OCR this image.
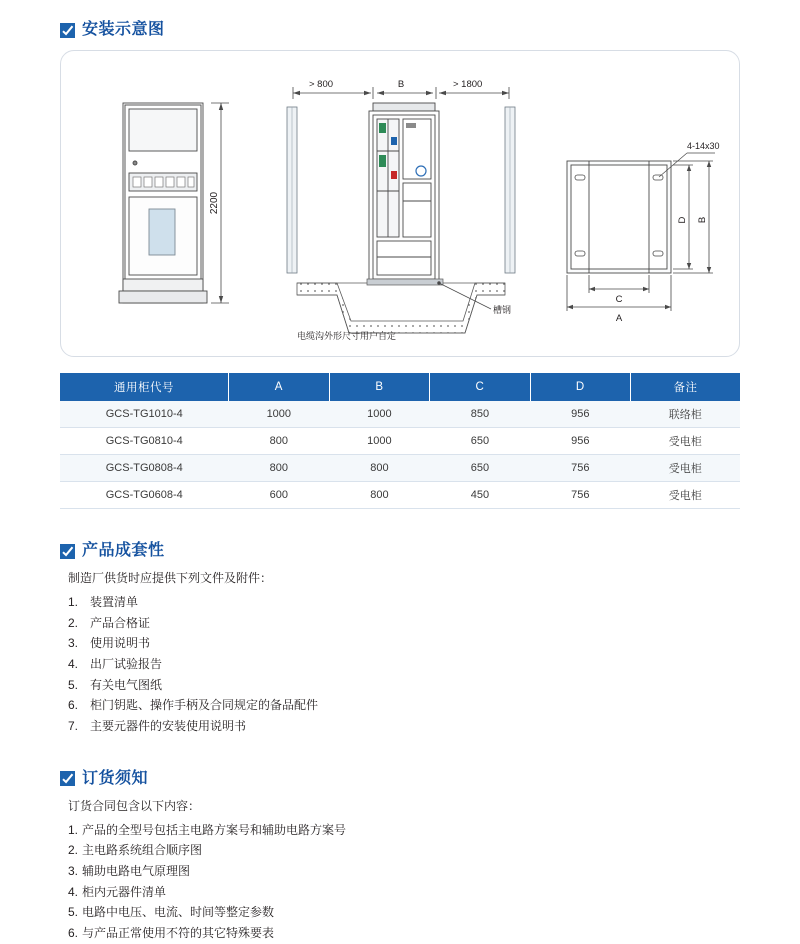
安装示意图
2200
> 800	B	> 1800
槽钢
电缆沟外形尺寸用户自定
4-14x30
D B
C
A
通用柜代号	A	B	C	D	备注
GCS-TG1010-4	1000	1000	850	956	联络柜
GCS-TG0810-4	800	1000	650	956	受电柜
GCS-TG0808-4	800	800	650	756	受电柜
GCS-TG0608-4	600	800	450	756	受电柜
产品成套性

制造厂供货时应提供下列文件及附件：

1. 装置清单
2. 产品合格证
3. 使用说明书
4. 出厂试验报告
5. 有关电气图纸
6. 柜门钥匙、操作手柄及合同规定的备品配件
7. 主要元器件的安装使用说明书
订货须知

订货合同包含以下内容：

1. 产品的全型号包括主电路方案号和辅助电路方案号
2. 主电路系统组合顺序图
3. 辅助电路电气原理图
4. 柜内元器件清单
5. 电路中电压、电流、时间等整定参数
6. 与产品正常使用不符的其它特殊要表
